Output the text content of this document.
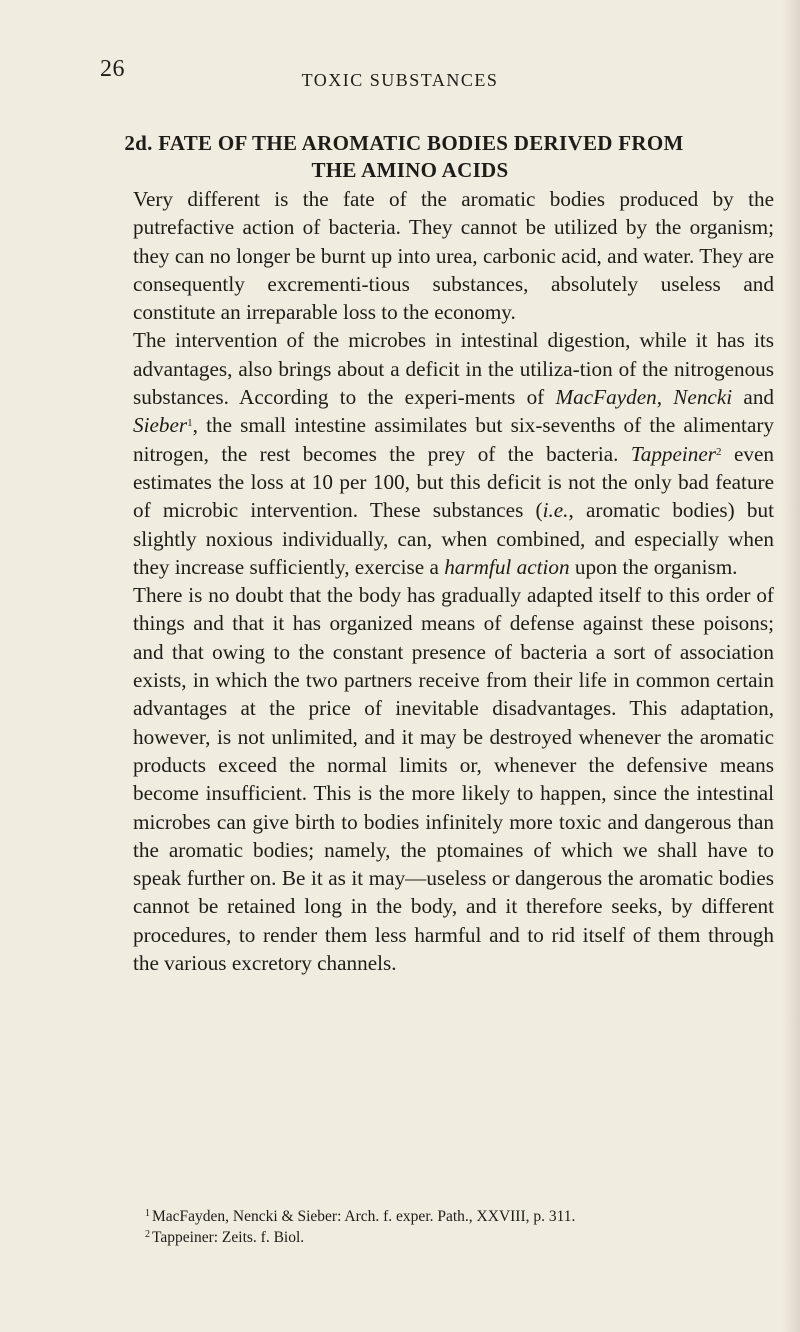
26	TOXIC SUBSTANCES
2d. FATE OF THE AROMATIC BODIES DERIVED FROM
THE AMINO ACIDS

Very different is the fate of the aromatic bodies produced by the putrefactive action of bacteria. They cannot be utilized by the organism; they can no longer be burnt up into urea, carbonic acid, and water. They are consequently excrementi-tious substances, absolutely useless and constitute an irreparable loss to the economy.

The intervention of the microbes in intestinal digestion, while it has its advantages, also brings about a deficit in the utiliza-tion of the nitrogenous substances. According to the experi-ments of MacFayden, Nencki and Sieber$^1$, the small intestine assimilates but six-sevenths of the alimentary nitrogen, the rest becomes the prey of the bacteria. Tappeiner$^2$ even estimates the loss at 10 per 100, but this deficit is not the only bad feature of microbic intervention. These substances (i.e., aromatic bodies) but slightly noxious individually, can, when combined, and especially when they increase sufficiently, exercise a harmful action upon the organism.

There is no doubt that the body has gradually adapted itself to this order of things and that it has organized means of defense against these poisons; and that owing to the constant presence of bacteria a sort of association exists, in which the two partners receive from their life in common certain advantages at the price of inevitable disadvantages. This adaptation, however, is not unlimited, and it may be destroyed whenever the aromatic products exceed the normal limits or, whenever the defensive means become insufficient. This is the more likely to happen, since the intestinal microbes can give birth to bodies infinitely more toxic and dangerous than the aromatic bodies; namely, the ptomaines of which we shall have to speak further on. Be it as it may—useless or dangerous the aromatic bodies cannot be retained long in the body, and it therefore seeks, by different procedures, to render them less harmful and to rid itself of them through the various excretory channels.

$^1$ MacFayden, Nencki & Sieber: Arch. f. exper. Path., XXVIII, p. 311.
$^2$ Tappeiner: Zeits. f. Biol.
